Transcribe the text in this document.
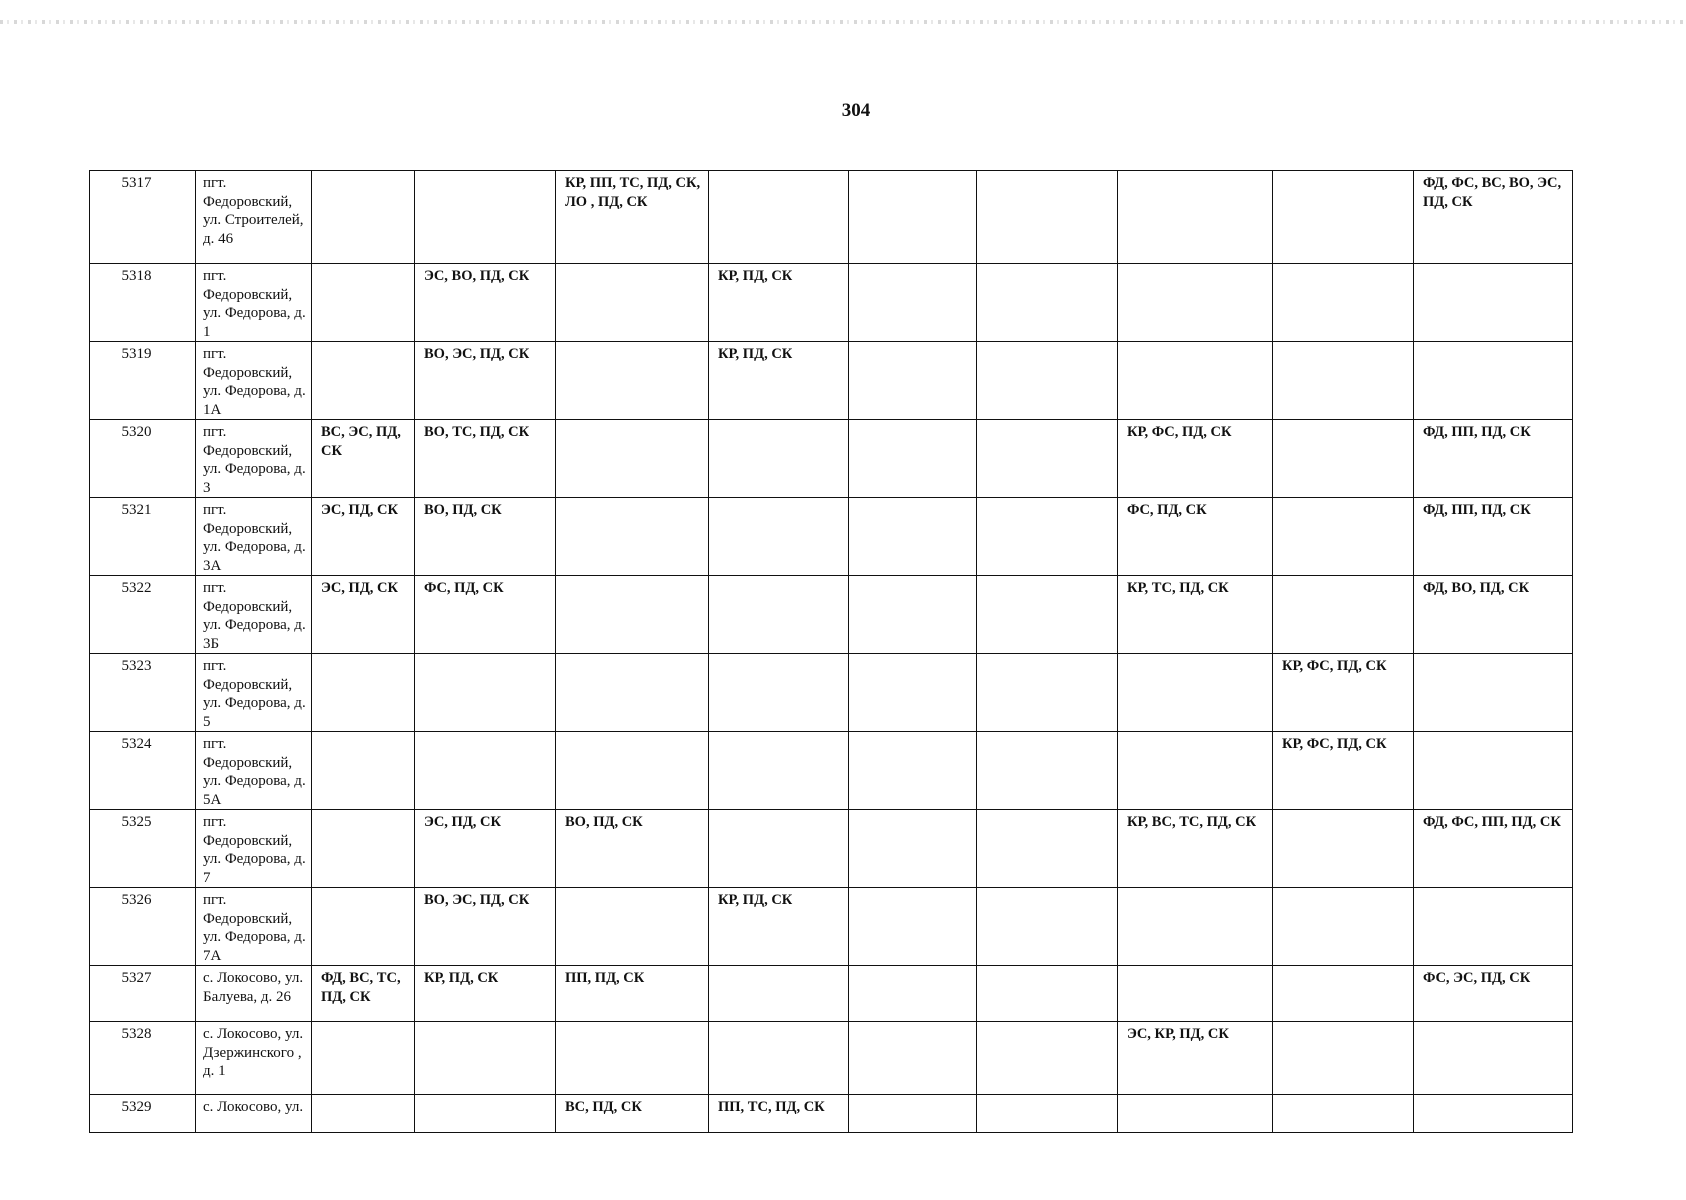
304
5317	пгт. Федоровский, ул. Строителей, д. 46			КР, ПП, ТС, ПД, СК, ЛО , ПД, СК						ФД, ФС, ВС, ВО, ЭС, ПД, СК
5318	пгт. Федоровский, ул. Федорова, д. 1		ЭС, ВО, ПД, СК		КР, ПД, СК					
5319	пгт. Федоровский, ул. Федорова, д. 1А		ВО, ЭС, ПД, СК		КР, ПД, СК					
5320	пгт. Федоровский, ул. Федорова, д. 3	ВС, ЭС, ПД, СК	ВО, ТС, ПД, СК					КР, ФС, ПД, СК		ФД, ПП, ПД, СК
5321	пгт. Федоровский, ул. Федорова, д. 3А	ЭС, ПД, СК	ВО, ПД, СК					ФС, ПД, СК		ФД, ПП, ПД, СК
5322	пгт. Федоровский, ул. Федорова, д. 3Б	ЭС, ПД, СК	ФС, ПД, СК					КР, ТС, ПД, СК		ФД, ВО, ПД, СК
5323	пгт. Федоровский, ул. Федорова, д. 5								КР, ФС, ПД, СК	
5324	пгт. Федоровский, ул. Федорова, д. 5А								КР, ФС, ПД, СК	
5325	пгт. Федоровский, ул. Федорова, д. 7		ЭС, ПД, СК	ВО, ПД, СК				КР, ВС, ТС, ПД, СК		ФД, ФС, ПП, ПД, СК
5326	пгт. Федоровский, ул. Федорова, д. 7А		ВО, ЭС, ПД, СК		КР, ПД, СК					
5327	с. Локосово, ул. Балуева, д. 26	ФД, ВС, ТС, ПД, СК	КР, ПД, СК	ПП, ПД, СК						ФС, ЭС, ПД, СК
5328	с. Локосово, ул. Дзержинского , д. 1							ЭС, КР, ПД, СК		
5329	с. Локосово, ул.			ВС, ПД, СК	ПП, ТС, ПД, СК					
